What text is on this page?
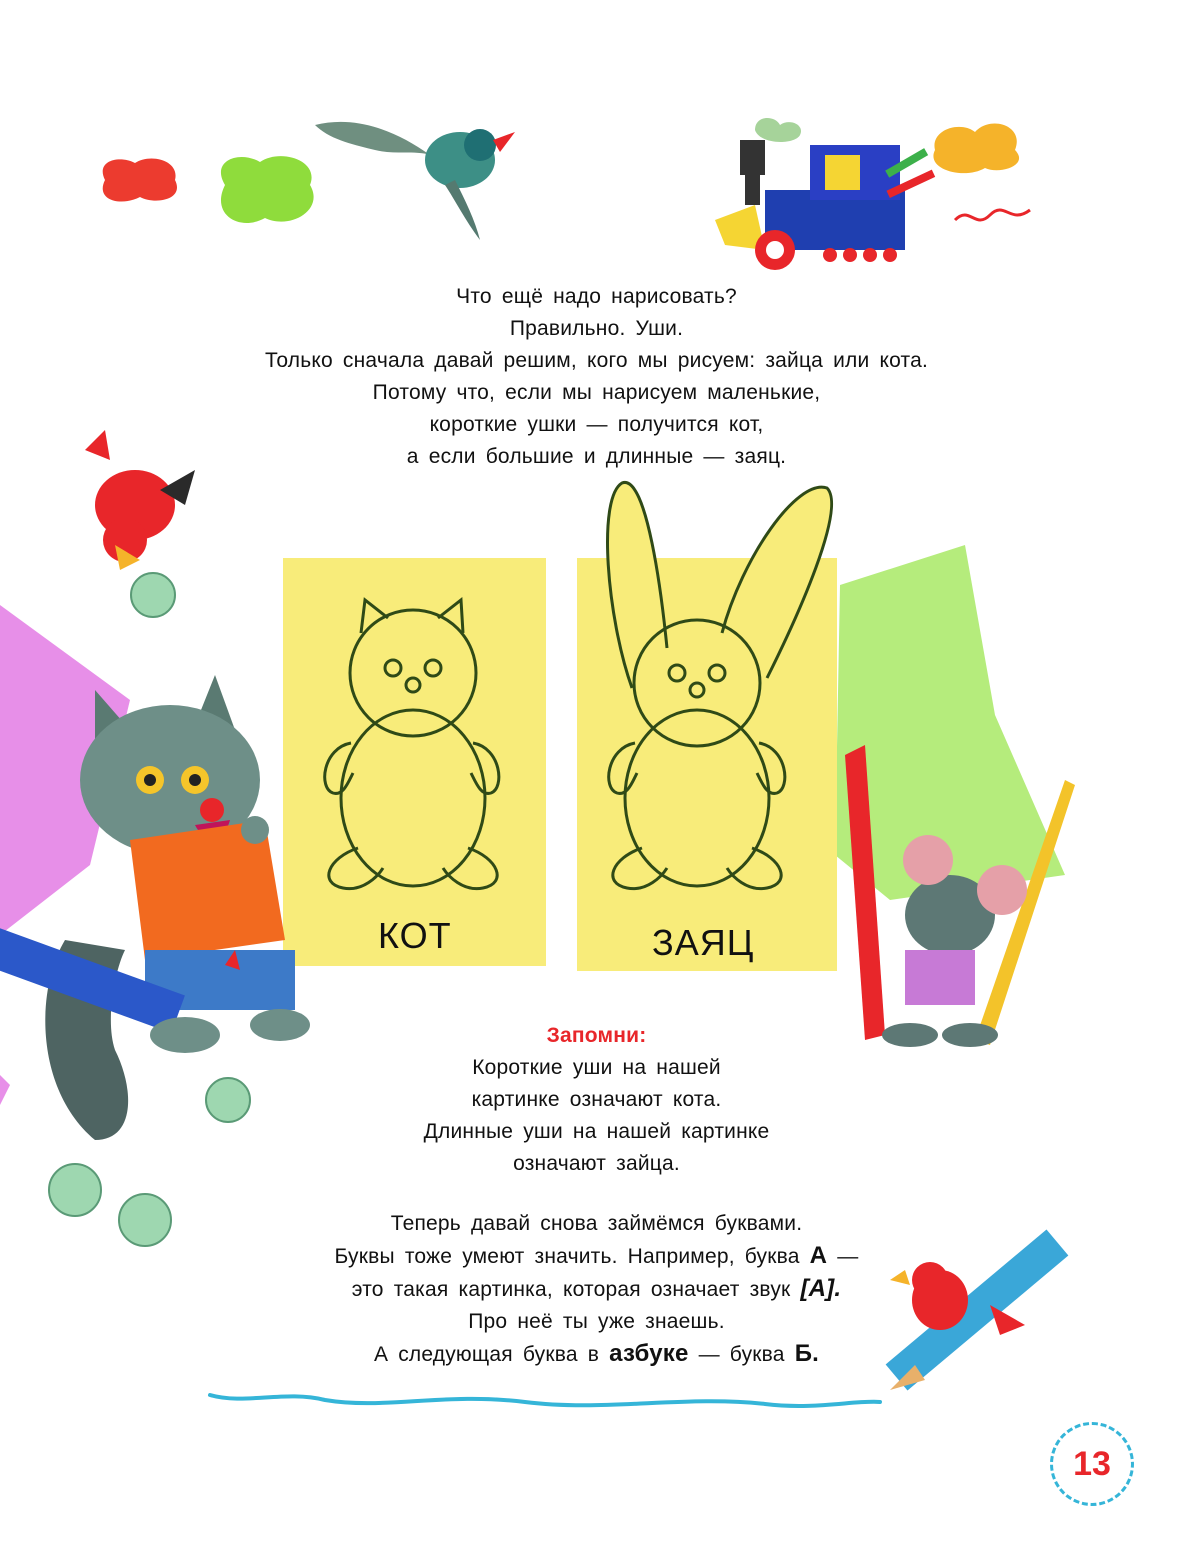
Что ещё надо нарисовать?
Правильно. Уши.
Только сначала давай решим, кого мы рисуем: зайца или кота.
Потому что, если мы нарисуем маленькие,
короткие ушки — получится кот,
а если большие и длинные — заяц.
КОТ	ЗАЯЦ
Запомни:
Короткие уши на нашей
картинке означают кота.
Длинные уши на нашей картинке
означают зайца.
Теперь давай снова займёмся буквами.
Буквы тоже умеют значить. Например, буква А —
это такая картинка, которая означает звук [А].
Про неё ты уже знаешь.
А следующая буква в азбуке — буква Б.
13
